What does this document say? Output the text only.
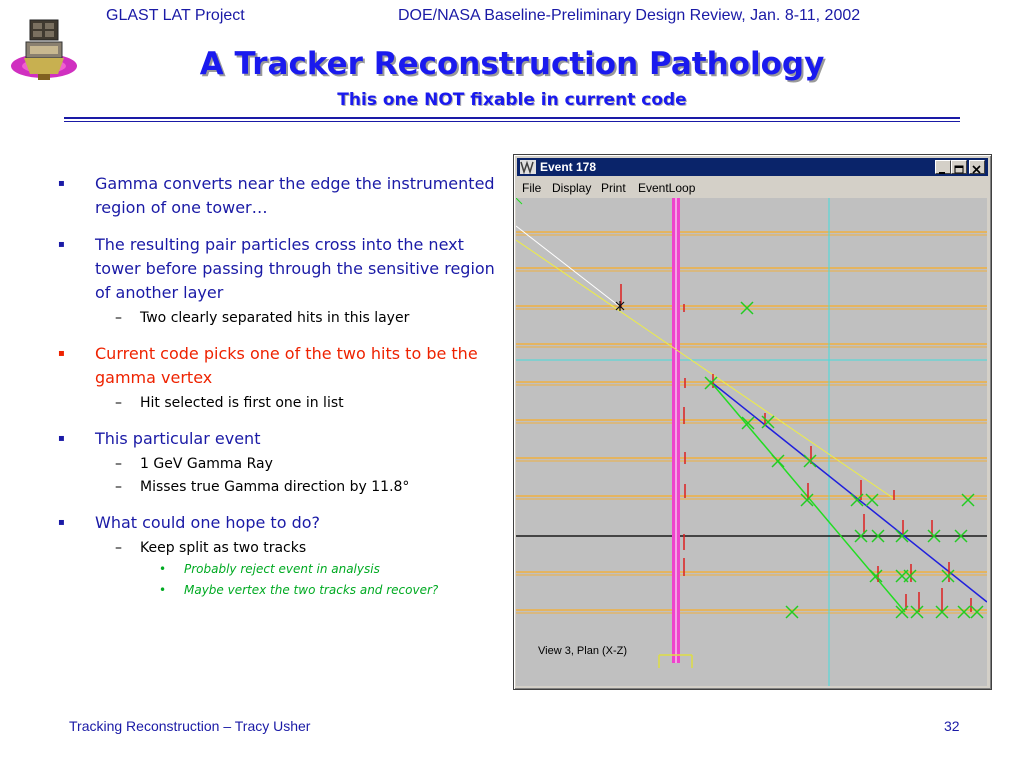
GLAST LAT Project	DOE/NASA Baseline-Preliminary Design Review, Jan. 8-11, 2002
A Tracker Reconstruction Pathology
This one NOT fixable in current code
▪ Gamma converts near the edge the instrumented region of one tower…
▪ The resulting pair particles cross into the next tower before passing through the sensitive region of another layer
– Two clearly separated hits in this layer
▪ Current code picks one of the two hits to be the gamma vertex
– Hit selected is first one in list
▪ This particular event
– 1 GeV Gamma Ray
– Misses true Gamma direction by 11.8°
▪ What could one hope to do?
– Keep split as two tracks
• Probably reject event in analysis
• Maybe vertex the two tracks and recover?
Event 178
File Display Print EventLoop
View 3, Plan (X-Z)
Tracking Reconstruction – Tracy Usher	32
